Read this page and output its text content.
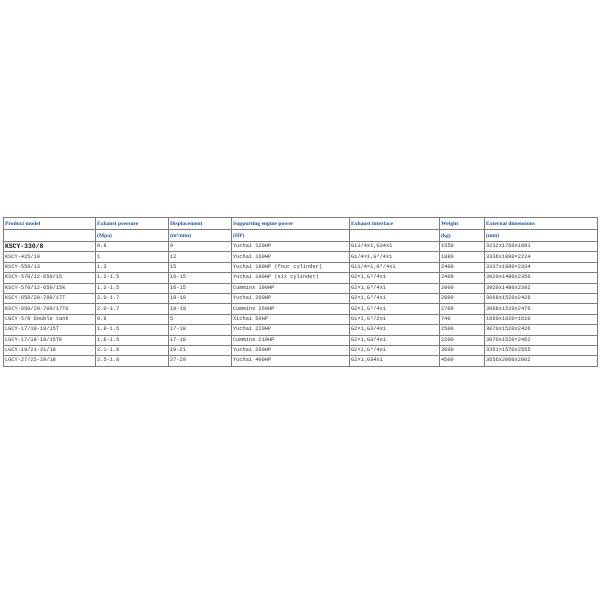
Product model	Exhaust pressure	Displacement	Supporting engine power	Exhaust interface	Weight	External dimensions
	(Mpa)	(m³/min)	(HP)		(kg)	(mm)
KSCY-330/8	0.8	9	Yuchai 120HP	G11/4x1,G34x1	1550	3232x1760x1891
KSCY-425/10	1	12	Yuchai 160HP	G1/4×1,G³/4x1	1880	3336x1880×2224
KSCY-550/13	1.3	15	Yuchai 190HP (four cylinder)	G11/4×1,G³/4x1	2400	3337x1880×2334
KSCY-570/12-650/15	1.2-1.5	16-15	Yuchai 190HP (six cylinder)	G2×1,G³/4x1	2400	3920x1480x2356
KSCY-570/12-650/15K	1.2-1.5	16-15	Cummins 190HP	G2×1,G³/4x1	2000	3920x1480x2392
KSCY-650/20-700/17T	2.0-1.7	18-19	Yuchai 260HP	G2×1,G³/4x1	2800	3068x1520x2426
KSCY-650/20-700/17TK	2.0-1.7	18-19	Cummins 260HP	G2×1,G³/4x1	2700	3068x1520x2476
LGCY-5/8 Double tank	0.8	5	Xichai 50HP	G1×1,G³/2x1	740	1660x1020×1610
LGCY-17/18-18/15T	1.8-1.5	17-18	Yuchai 220HP	G2×1,G3/4x1	2500	3070x1520x2426
LGCY-17/18-18/15TK	1.8-1.5	17-18	Cummins 210HP	G2×1,G3/4x1	2200	3070x1520×2462
LGCY-19/21-21/18	2.1-1.8	19-21	Yuchai 260HP	G2×1,G³/4x1	3600	3351×1570x2555
LGCY-27/25-29/18	2.5-1.8	27-29	Yuchai 400HP	G2×1,G34x1	4500	3656x2000x2802
